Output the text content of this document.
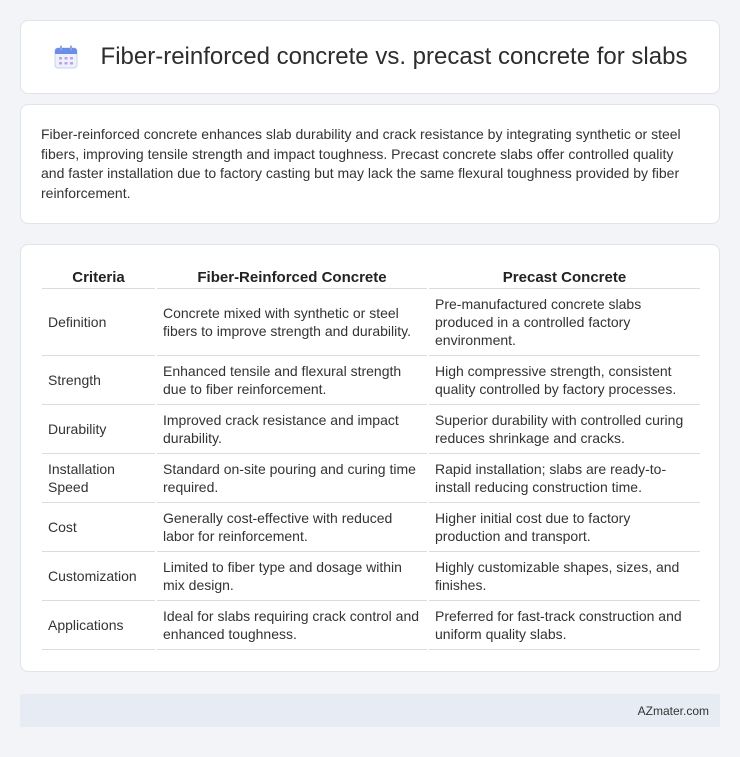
Fiber-reinforced concrete vs. precast concrete for slabs

Fiber-reinforced concrete enhances slab durability and crack resistance by integrating synthetic or steel fibers, improving tensile strength and impact toughness. Precast concrete slabs offer controlled quality and faster installation due to factory casting but may lack the same flexural toughness provided by fiber reinforcement.

Criteria	Fiber-Reinforced Concrete	Precast Concrete
Definition	Concrete mixed with synthetic or steel fibers to improve strength and durability.	Pre-manufactured concrete slabs produced in a controlled factory environment.
Strength	Enhanced tensile and flexural strength due to fiber reinforcement.	High compressive strength, consistent quality controlled by factory processes.
Durability	Improved crack resistance and impact durability.	Superior durability with controlled curing reduces shrinkage and cracks.
Installation Speed	Standard on-site pouring and curing time required.	Rapid installation; slabs are ready-to-install reducing construction time.
Cost	Generally cost-effective with reduced labor for reinforcement.	Higher initial cost due to factory production and transport.
Customization	Limited to fiber type and dosage within mix design.	Highly customizable shapes, sizes, and finishes.
Applications	Ideal for slabs requiring crack control and enhanced toughness.	Preferred for fast-track construction and uniform quality slabs.
AZmater.com
